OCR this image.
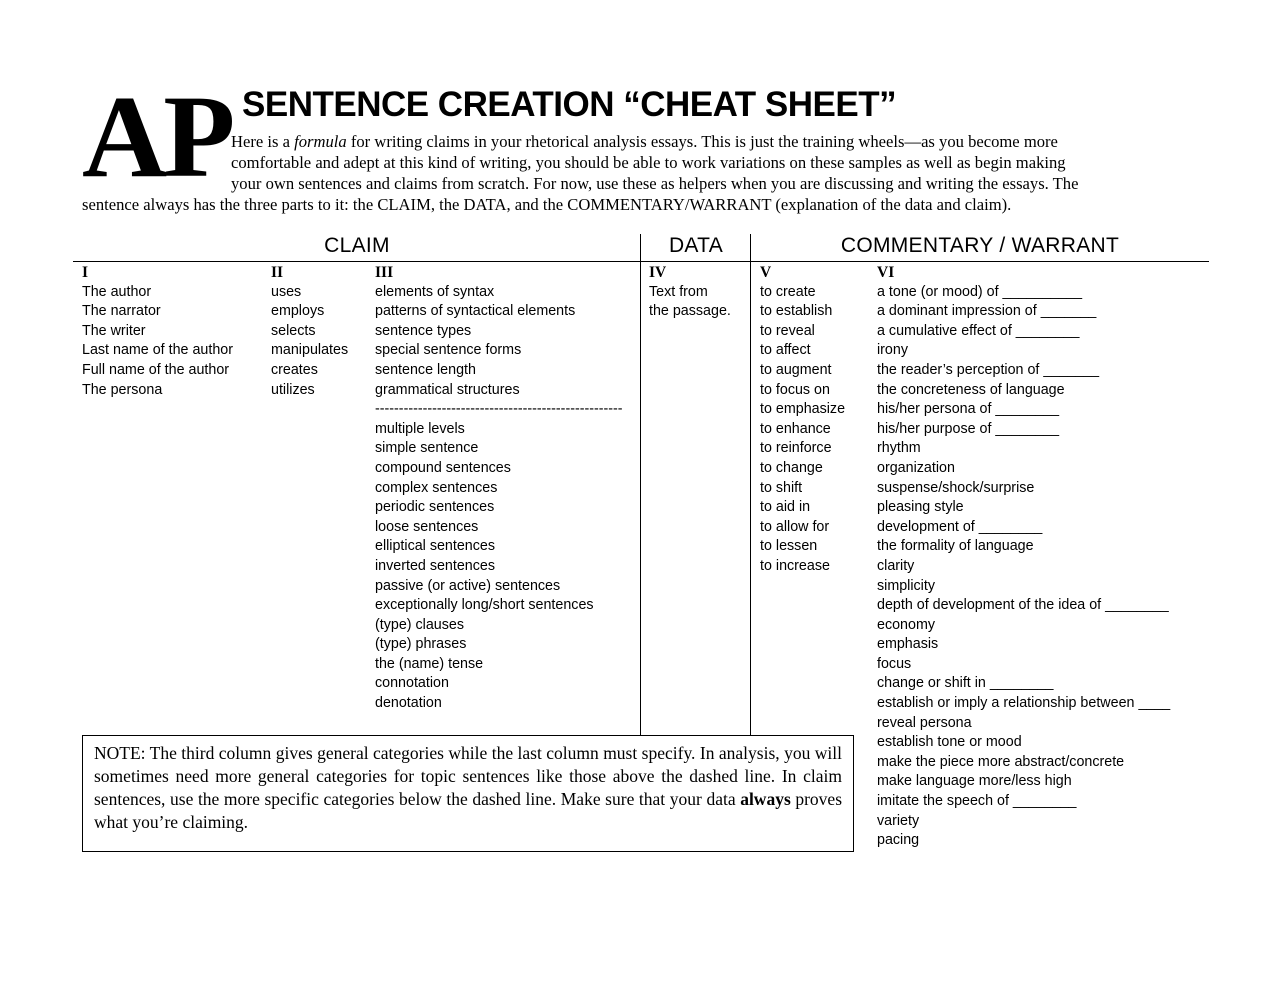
AP SENTENCE CREATION “CHEAT SHEET”
Here is a formula for writing claims in your rhetorical analysis essays. This is just the training wheels—as you become more
comfortable and adept at this kind of writing, you should be able to work variations on these samples as well as begin making
your own sentences and claims from scratch. For now, use these as helpers when you are discussing and writing the essays. The
sentence always has the three parts to it: the CLAIM, the DATA, and the COMMENTARY/WARRANT (explanation of the data and claim).
CLAIM	DATA	COMMENTARY / WARRANT
I
The author
The narrator
The writer
Last name of the author
Full name of the author
The persona
II
uses
employs
selects
manipulates
creates
utilizes
III
elements of syntax
patterns of syntactical elements
sentence types
special sentence forms
sentence length
grammatical structures
----------------------------------------------------
multiple levels
simple sentence
compound sentences
complex sentences
periodic sentences
loose sentences
elliptical sentences
inverted sentences
passive (or active) sentences
exceptionally long/short sentences
(type) clauses
(type) phrases
the (name) tense
connotation
denotation
IV
Text from
the passage.
V
to create
to establish
to reveal
to affect
to augment
to focus on
to emphasize
to enhance
to reinforce
to change
to shift
to aid in
to allow for
to lessen
to increase
VI
a tone (or mood) of __________
a dominant impression of _______
a cumulative effect of ________
irony
the reader’s perception of _______
the concreteness of language
his/her persona of ________
his/her purpose of ________
rhythm
organization
suspense/shock/surprise
pleasing style
development of ________
the formality of language
clarity
simplicity
depth of development of the idea of ________
economy
emphasis
focus
change or shift in ________
establish or imply a relationship between ____
reveal persona
establish tone or mood
make the piece more abstract/concrete
make language more/less high
imitate the speech of ________
variety
pacing
NOTE: The third column gives general categories while the last column must specify. In analysis, you will sometimes need more general categories for topic sentences like those above the dashed line. In claim sentences, use the more specific categories below the dashed line. Make sure that your data always proves what you’re claiming.
